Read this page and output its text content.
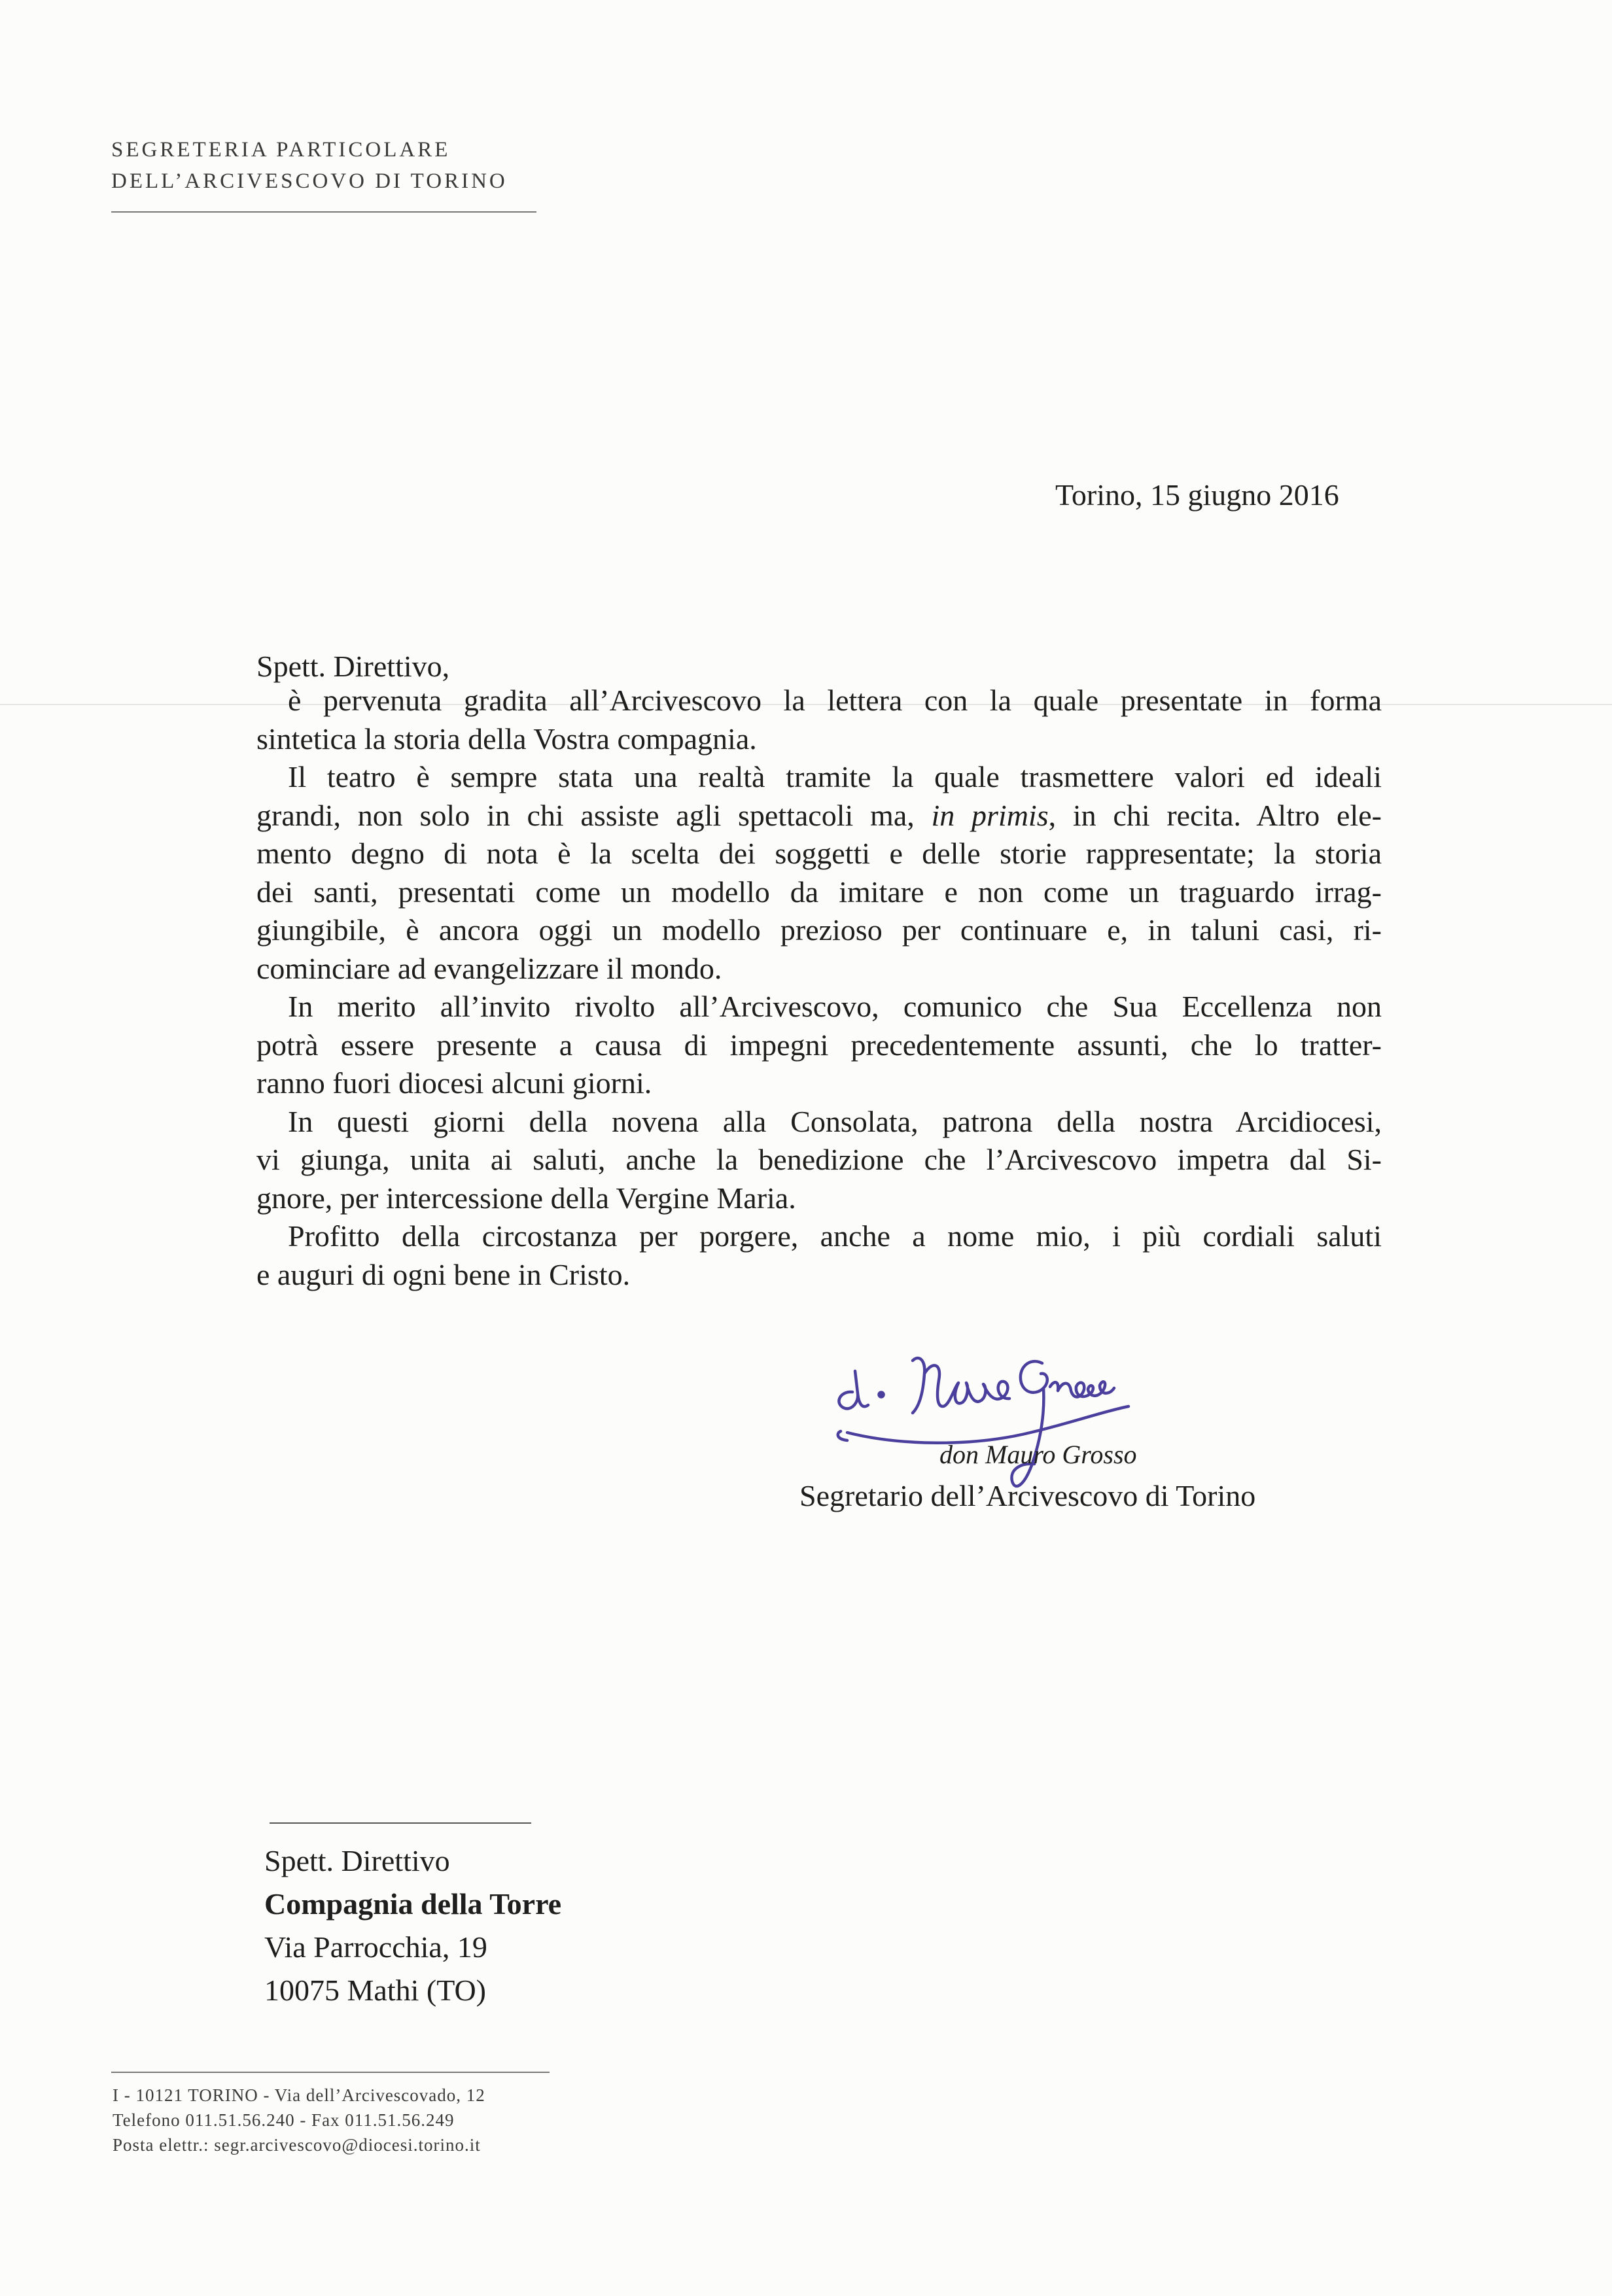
SEGRETERIA PARTICOLARE
DELL’ARCIVESCOVO DI TORINO
Torino, 15 giugno 2016
Spett. Direttivo,
è pervenuta gradita all’Arcivescovo la lettera con la quale presentate in forma
sintetica la storia della Vostra compagnia.
Il teatro è sempre stata una realtà tramite la quale trasmettere valori ed ideali
grandi, non solo in chi assiste agli spettacoli ma, in primis, in chi recita. Altro ele-
mento degno di nota è la scelta dei soggetti e delle storie rappresentate; la storia
dei santi, presentati come un modello da imitare e non come un traguardo irrag-
giungibile, è ancora oggi un modello prezioso per continuare e, in taluni casi, ri-
cominciare ad evangelizzare il mondo.
In merito all’invito rivolto all’Arcivescovo, comunico che Sua Eccellenza non
potrà essere presente a causa di impegni precedentemente assunti, che lo tratter-
ranno fuori diocesi alcuni giorni.
In questi giorni della novena alla Consolata, patrona della nostra Arcidiocesi,
vi giunga, unita ai saluti, anche la benedizione che l’Arcivescovo impetra dal Si-
gnore, per intercessione della Vergine Maria.
Profitto della circostanza per porgere, anche a nome mio, i più cordiali saluti
e auguri di ogni bene in Cristo.
don Mauro Grosso
Segretario dell’Arcivescovo di Torino
Spett. Direttivo
Compagnia della Torre
Via Parrocchia, 19
10075 Mathi (TO)
I - 10121 TORINO - Via dell’Arcivescovado, 12
Telefono 011.51.56.240 - Fax 011.51.56.249
Posta elettr.: segr.arcivescovo@diocesi.torino.it
